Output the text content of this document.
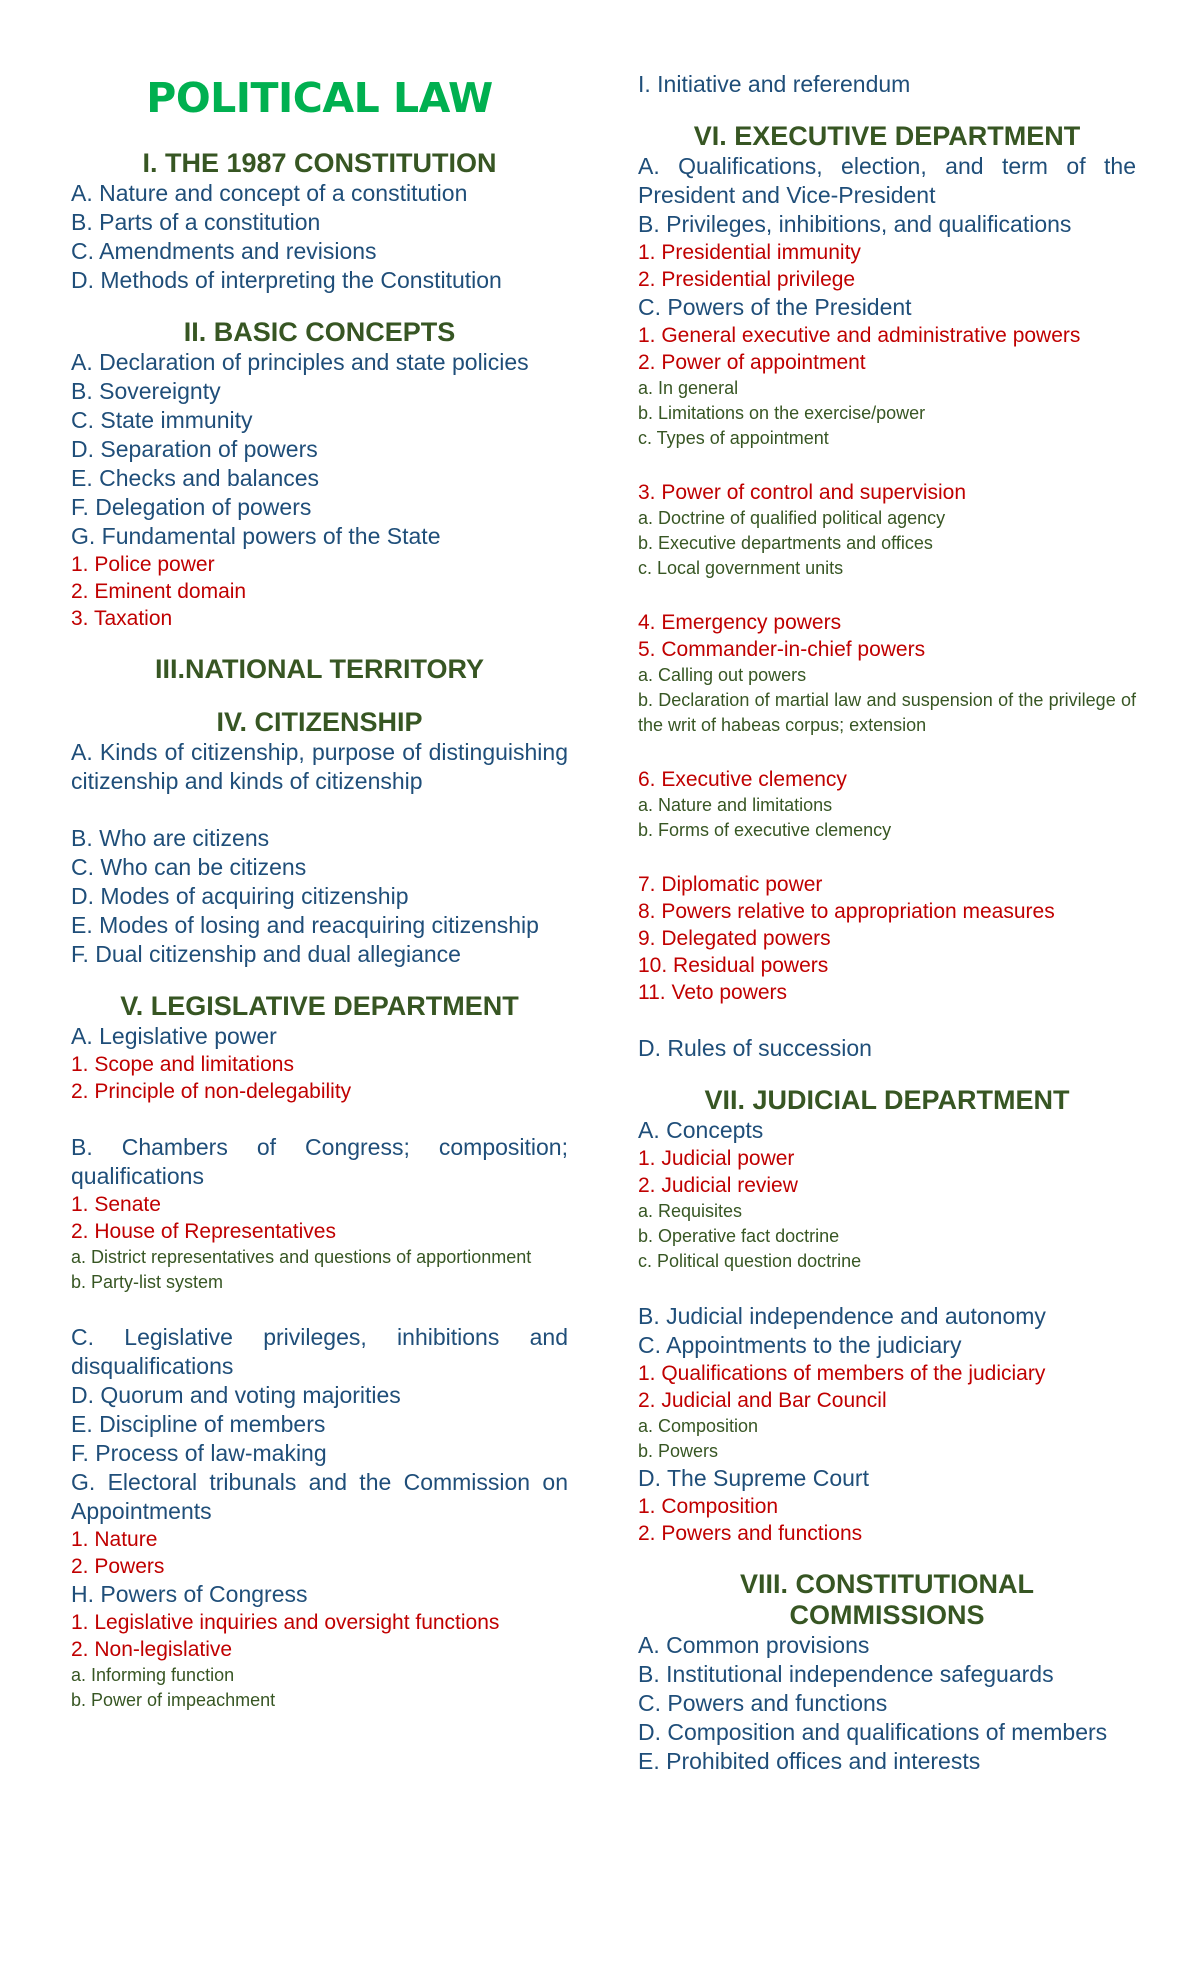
POLITICAL LAW
I. THE 1987 CONSTITUTION
A. Nature and concept of a constitution
B. Parts of a constitution
C. Amendments and revisions
D. Methods of interpreting the Constitution
II. BASIC CONCEPTS
A. Declaration of principles and state policies
B. Sovereignty
C. State immunity
D. Separation of powers
E. Checks and balances
F. Delegation of powers
G. Fundamental powers of the State
1. Police power
2. Eminent domain
3. Taxation
III.NATIONAL TERRITORY
IV. CITIZENSHIP
A. Kinds of citizenship, purpose of distinguishing citizenship and kinds of citizenship
B. Who are citizens
C. Who can be citizens
D. Modes of acquiring citizenship
E. Modes of losing and reacquiring citizenship
F. Dual citizenship and dual allegiance
V. LEGISLATIVE DEPARTMENT
A. Legislative power
1. Scope and limitations
2. Principle of non-delegability
B. Chambers of Congress; composition; qualifications
1. Senate
2. House of Representatives
a. District representatives and questions of apportionment
b. Party-list system
C. Legislative privileges, inhibitions and disqualifications
D. Quorum and voting majorities
E. Discipline of members
F. Process of law-making
G. Electoral tribunals and the Commission on Appointments
1. Nature
2. Powers
H. Powers of Congress
1. Legislative inquiries and oversight functions
2. Non-legislative
a. Informing function
b. Power of impeachment
I. Initiative and referendum
VI. EXECUTIVE DEPARTMENT
A. Qualifications, election, and term of the President and Vice-President
B. Privileges, inhibitions, and qualifications
1. Presidential immunity
2. Presidential privilege
C. Powers of the President
1. General executive and administrative powers
2. Power of appointment
a. In general
b. Limitations on the exercise/power
c. Types of appointment
3. Power of control and supervision
a. Doctrine of qualified political agency
b. Executive departments and offices
c. Local government units
4. Emergency powers
5. Commander-in-chief powers
a. Calling out powers
b. Declaration of martial law and suspension of the privilege of the writ of habeas corpus; extension
6. Executive clemency
a. Nature and limitations
b. Forms of executive clemency
7. Diplomatic power
8. Powers relative to appropriation measures
9. Delegated powers
10. Residual powers
11. Veto powers
D. Rules of succession
VII. JUDICIAL DEPARTMENT
A. Concepts
1. Judicial power
2. Judicial review
a. Requisites
b. Operative fact doctrine
c. Political question doctrine
B. Judicial independence and autonomy
C. Appointments to the judiciary
1. Qualifications of members of the judiciary
2. Judicial and Bar Council
a. Composition
b. Powers
D. The Supreme Court
1. Composition
2. Powers and functions
VIII. CONSTITUTIONAL
COMMISSIONS
A. Common provisions
B. Institutional independence safeguards
C. Powers and functions
D. Composition and qualifications of members
E. Prohibited offices and interests
